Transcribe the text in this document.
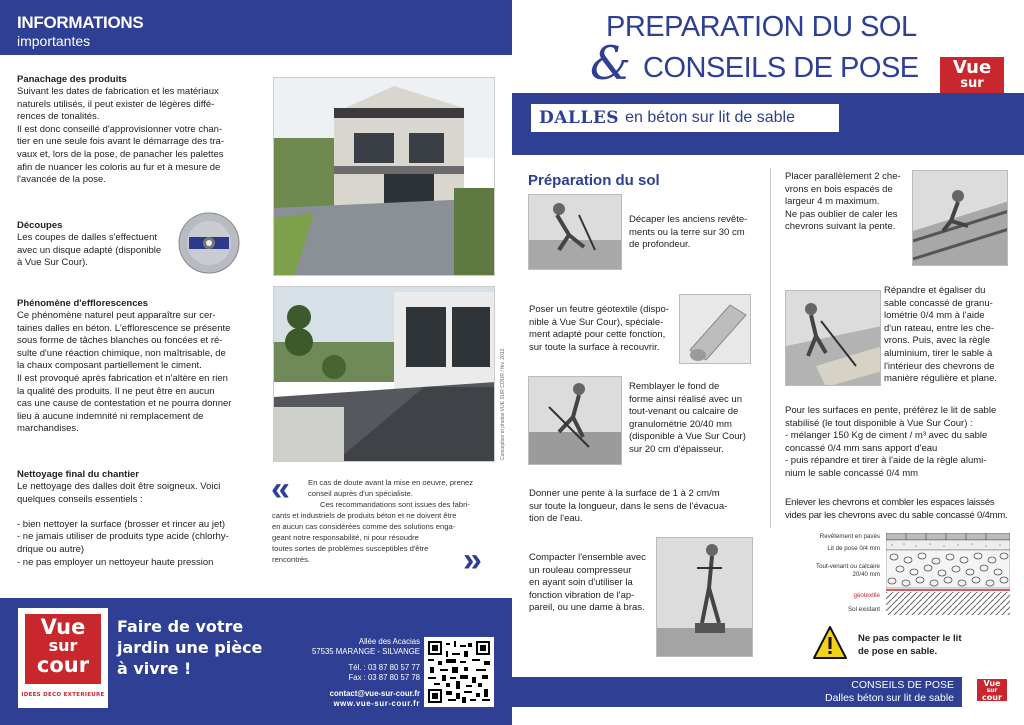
INFORMATIONS
importantes
Panachage des produits
Suivant les dates de fabrication et les matériaux
naturels utilisés, il peut exister de légères diffé-
rences de tonalités.
Il est donc conseillé d'approvisionner votre chan-
tier en une seule fois avant le démarrage des tra-
vaux et, lors de la pose, de panacher les palettes
afin de nuancer les coloris au fur et à mesure de
l'avancée de la pose.
Découpes
Les coupes de dalles s'effectuent
avec un disque adapté (disponible
à Vue Sur Cour).
Phénomène d'efflorescences
Ce phénomène naturel peut apparaître sur cer-
taines dalles en béton. L'efflorescence se présente
sous forme de tâches blanches ou foncées et ré-
sulte d'une réaction chimique, non maîtrisable, de
la chaux composant partiellement le ciment.
Il est provoqué après fabrication et n'altère en rien
la qualité des produits. Il ne peut être en aucun
cas une cause de contestation et ne pourra donner
lieu à aucune indemnité ni remplacement de
marchandises.
Nettoyage final du chantier
Le nettoyage des dalles doit être soigneux. Voici
quelques conseils essentiels :
- bien nettoyer la surface (brosser et rincer au jet)
- ne jamais utiliser de produits type acide (chlorhy-
drique ou autre)
- ne pas employer un nettoyeur haute pression
Conception et photos VUE SUR COUR / fév. 2012.
«
»
En cas de doute avant la mise en oeuvre, prenez
conseil auprès d'un spécialiste.
Ces recommandations sont issues des fabri-
cants et industriels de produits béton et ne doivent être
en aucun cas considérées comme des solutions enga-
geant notre responsabilité, ni pour résoudre
toutes sortes de problèmes susceptibles d'être
rencontrés.
Vue
sur
cour
IDEES DECO EXTERIEURE
Faire de votre
jardin une pièce
à vivre !
Allée des Acacias
57535 MARANGE - SILVANGE
Tél. : 03 87 80 57 77
Fax : 03 87 80 57 78
contact@vue-sur-cour.fr
www.vue-sur-cour.fr
PREPARATION DU SOL
& CONSEILS DE POSE	Vue
sur
DALLES en béton sur lit de sable
Préparation du sol
Décaper les anciens revête-
ments ou la terre sur 30 cm
de profondeur.
Poser un feutre géotextile (dispo-
nible à Vue Sur Cour), spéciale-
ment adapté pour cette fonction,
sur toute la surface à recouvrir.
Remblayer le fond de
forme ainsi réalisé avec un
tout-venant ou calcaire de
granulométrie 20/40 mm
(disponible à Vue Sur Cour)
sur 20 cm d'épaisseur.
Donner une pente à la surface de 1 à 2 cm/m
sur toute la longueur, dans le sens de l'évacua-
tion de l'eau.
Compacter l'ensemble avec
un rouleau compresseur
en ayant soin d'utiliser la
fonction vibration de l'ap-
pareil, ou une dame à bras.
Placer parallèlement 2 che-
vrons en bois espacés de
largeur 4 m maximum.
Ne pas oublier de caler les
chevrons suivant la pente.
Répandre et égaliser du
sable concassé de granu-
lométrie 0/4 mm à l'aide
d'un rateau, entre les che-
vrons. Puis, avec la règle
aluminium, tirer le sable à
l'intérieur des chevrons de
manière régulière et plane.
Pour les surfaces en pente, préférez le lit de sable
stabilisé (le tout disponible à Vue Sur Cour) :
- mélanger 150 Kg de ciment / m³ avec du sable
concassé 0/4 mm sans apport d'eau
- puis répandre et tirer à l'aide de la règle alumi-
nium le sable concassé 0/4 mm
Enlever les chevrons et combler les espaces laissés
vides par les chevrons avec du sable concassé 0/4mm.
Revêtement en pavés
Lit de pose 0/4 mm
Tout-venant ou calcaire
20/40 mm
géotextile
Sol existant
Ne pas compacter le lit
de pose en sable.
CONSEILS DE POSE
Dalles béton sur lit de sable
Vue
sur
cour
